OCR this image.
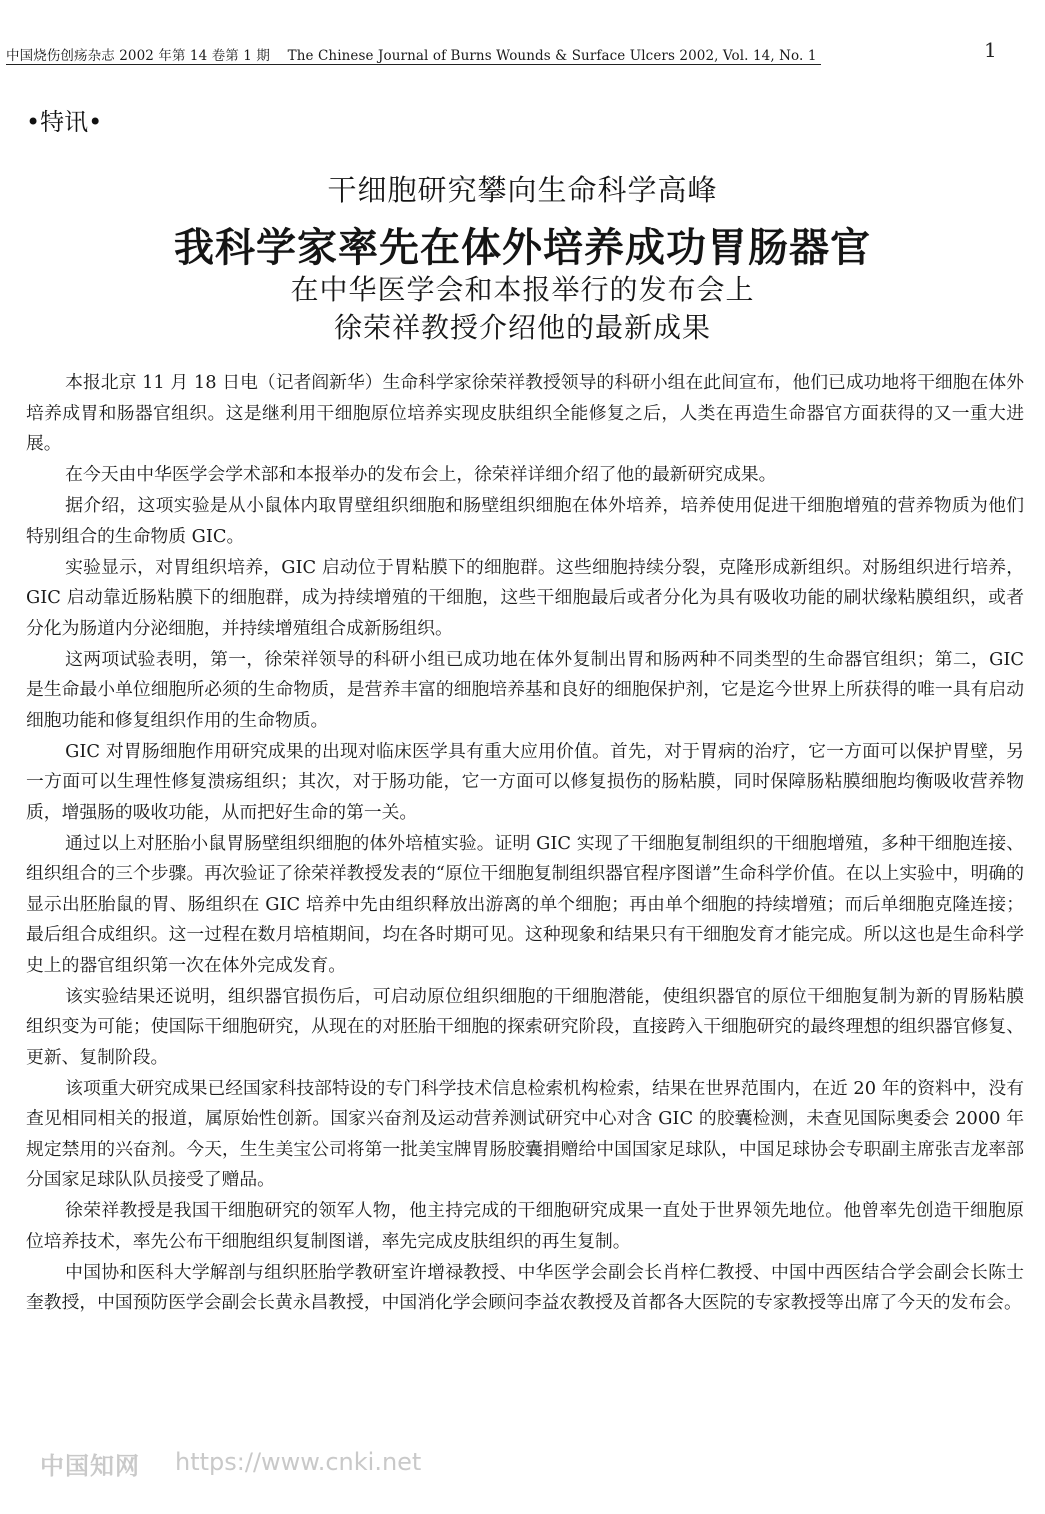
中国烧伤创疡杂志 2002 年第 14 卷第 1 期 The Chinese Journal of Burns Wounds & Surface Ulcers 2002, Vol. 14, No. 1	1
•特讯•
干细胞研究攀向生命科学高峰
我科学家率先在体外培养成功胃肠器官
在中华医学会和本报举行的发布会上
徐荣祥教授介绍他的最新成果

本报北京 11 月 18 日电（记者阎新华）生命科学家徐荣祥教授领导的科研小组在此间宣布，他们已成功地将干细胞在体外培养成胃和肠器官组织。这是继利用干细胞原位培养实现皮肤组织全能修复之后，人类在再造生命器官方面获得的又一重大进展。

在今天由中华医学会学术部和本报举办的发布会上，徐荣祥详细介绍了他的最新研究成果。

据介绍，这项实验是从小鼠体内取胃壁组织细胞和肠壁组织细胞在体外培养，培养使用促进干细胞增殖的营养物质为他们特别组合的生命物质 GIC。

实验显示，对胃组织培养，GIC 启动位于胃粘膜下的细胞群。这些细胞持续分裂，克隆形成新组织。对肠组织进行培养，GIC 启动靠近肠粘膜下的细胞群，成为持续增殖的干细胞，这些干细胞最后或者分化为具有吸收功能的刷状缘粘膜组织，或者分化为肠道内分泌细胞，并持续增殖组合成新肠组织。

这两项试验表明，第一，徐荣祥领导的科研小组已成功地在体外复制出胃和肠两种不同类型的生命器官组织；第二，GIC 是生命最小单位细胞所必须的生命物质，是营养丰富的细胞培养基和良好的细胞保护剂，它是迄今世界上所获得的唯一具有启动细胞功能和修复组织作用的生命物质。

GIC 对胃肠细胞作用研究成果的出现对临床医学具有重大应用价值。首先，对于胃病的治疗，它一方面可以保护胃壁，另一方面可以生理性修复溃疡组织；其次，对于肠功能，它一方面可以修复损伤的肠粘膜，同时保障肠粘膜细胞均衡吸收营养物质，增强肠的吸收功能，从而把好生命的第一关。

通过以上对胚胎小鼠胃肠壁组织细胞的体外培植实验。证明 GIC 实现了干细胞复制组织的干细胞增殖，多种干细胞连接、组织组合的三个步骤。再次验证了徐荣祥教授发表的“原位干细胞复制组织器官程序图谱”生命科学价值。在以上实验中，明确的显示出胚胎鼠的胃、肠组织在 GIC 培养中先由组织释放出游离的单个细胞；再由单个细胞的持续增殖；而后单细胞克隆连接；最后组合成组织。这一过程在数月培植期间，均在各时期可见。这种现象和结果只有干细胞发育才能完成。所以这也是生命科学史上的器官组织第一次在体外完成发育。

该实验结果还说明，组织器官损伤后，可启动原位组织细胞的干细胞潜能，使组织器官的原位干细胞复制为新的胃肠粘膜组织变为可能；使国际干细胞研究，从现在的对胚胎干细胞的探索研究阶段，直接跨入干细胞研究的最终理想的组织器官修复、更新、复制阶段。

该项重大研究成果已经国家科技部特设的专门科学技术信息检索机构检索，结果在世界范围内，在近 20 年的资料中，没有查见相同相关的报道，属原始性创新。国家兴奋剂及运动营养测试研究中心对含 GIC 的胶囊检测，未查见国际奥委会 2000 年规定禁用的兴奋剂。今天，生生美宝公司将第一批美宝牌胃肠胶囊捐赠给中国国家足球队，中国足球协会专职副主席张吉龙率部分国家足球队队员接受了赠品。

徐荣祥教授是我国干细胞研究的领军人物，他主持完成的干细胞研究成果一直处于世界领先地位。他曾率先创造干细胞原位培养技术，率先公布干细胞组织复制图谱，率先完成皮肤组织的再生复制。

中国协和医科大学解剖与组织胚胎学教研室许增禄教授、中华医学会副会长肖梓仁教授、中国中西医结合学会副会长陈士奎教授，中国预防医学会副会长黄永昌教授，中国消化学会顾问李益农教授及首都各大医院的专家教授等出席了今天的发布会。

中国知网 https://www.cnki.net
